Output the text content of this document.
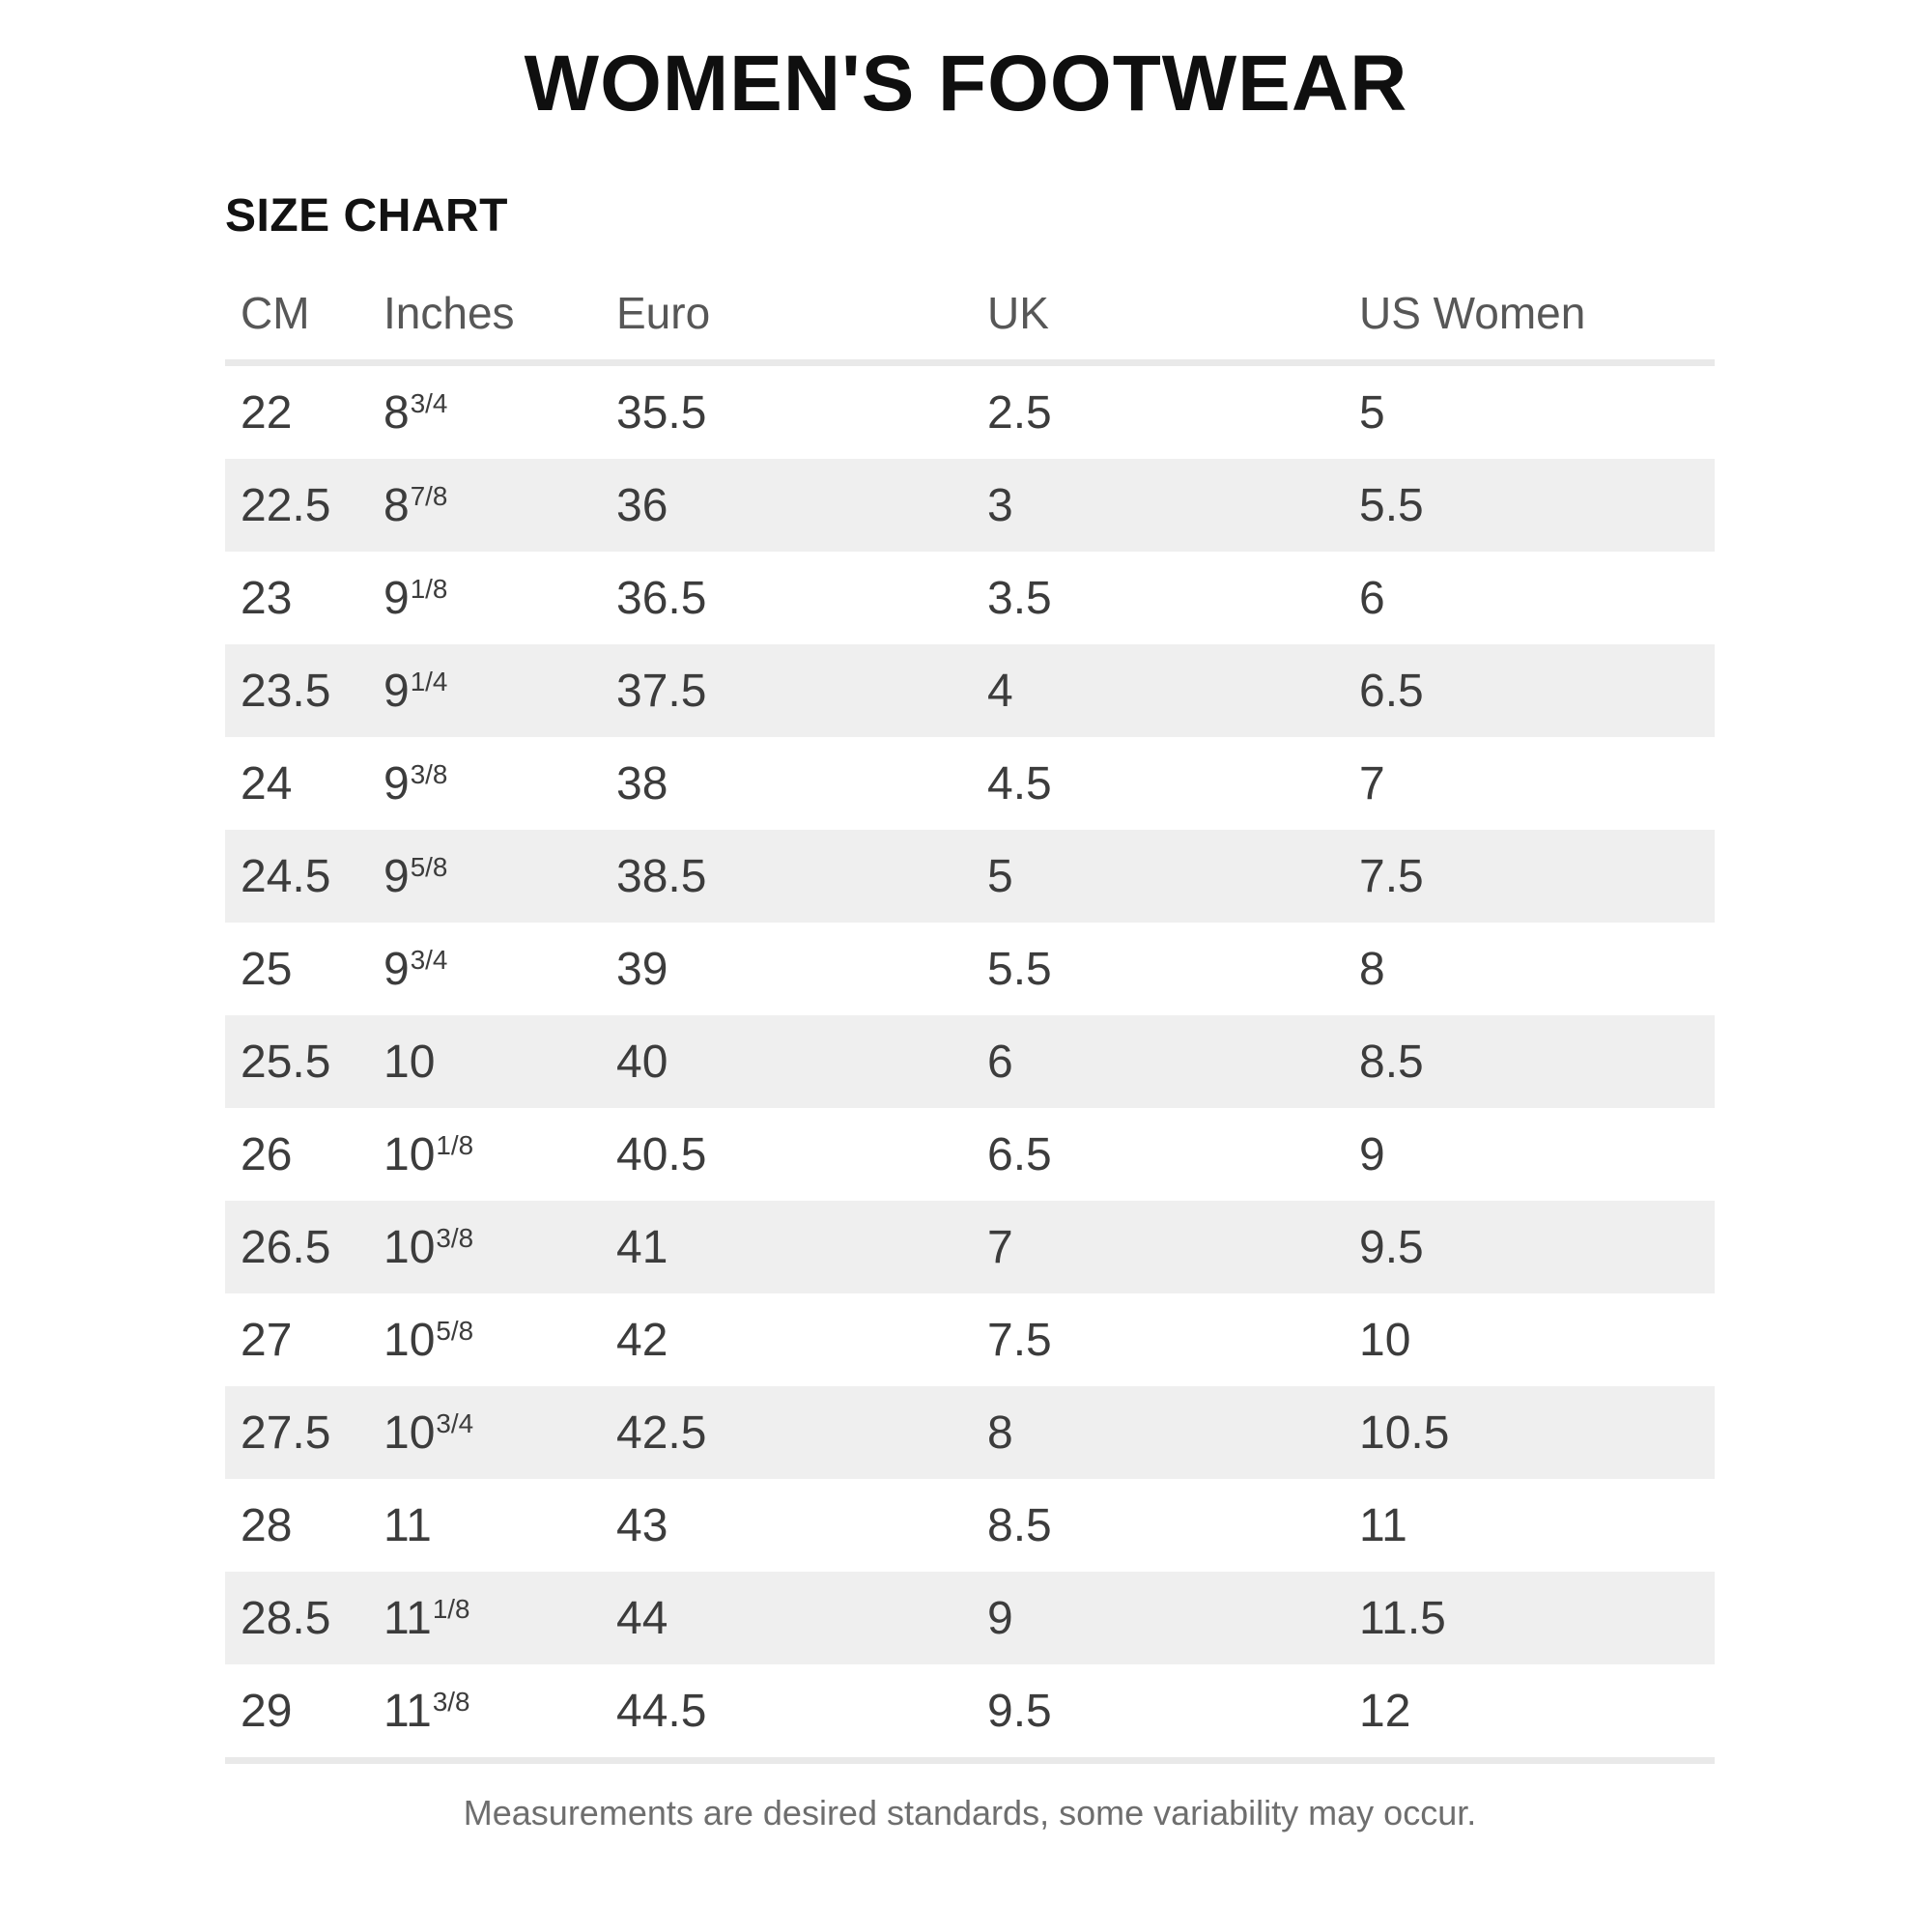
WOMEN'S FOOTWEAR
SIZE CHART
CM	Inches	Euro	UK	US Women
22	$8^{3/4}$	35.5	2.5	5
22.5	$8^{7/8}$	36	3	5.5
23	$9^{1/8}$	36.5	3.5	6
23.5	$9^{1/4}$	37.5	4	6.5
24	$9^{3/8}$	38	4.5	7
24.5	$9^{5/8}$	38.5	5	7.5
25	$9^{3/4}$	39	5.5	8
25.5	10	40	6	8.5
26	$10^{1/8}$	40.5	6.5	9
26.5	$10^{3/8}$	41	7	9.5
27	$10^{5/8}$	42	7.5	10
27.5	$10^{3/4}$	42.5	8	10.5
28	11	43	8.5	11
28.5	$11^{1/8}$	44	9	11.5
29	$11^{3/8}$	44.5	9.5	12
Measurements are desired standards, some variability may occur.
